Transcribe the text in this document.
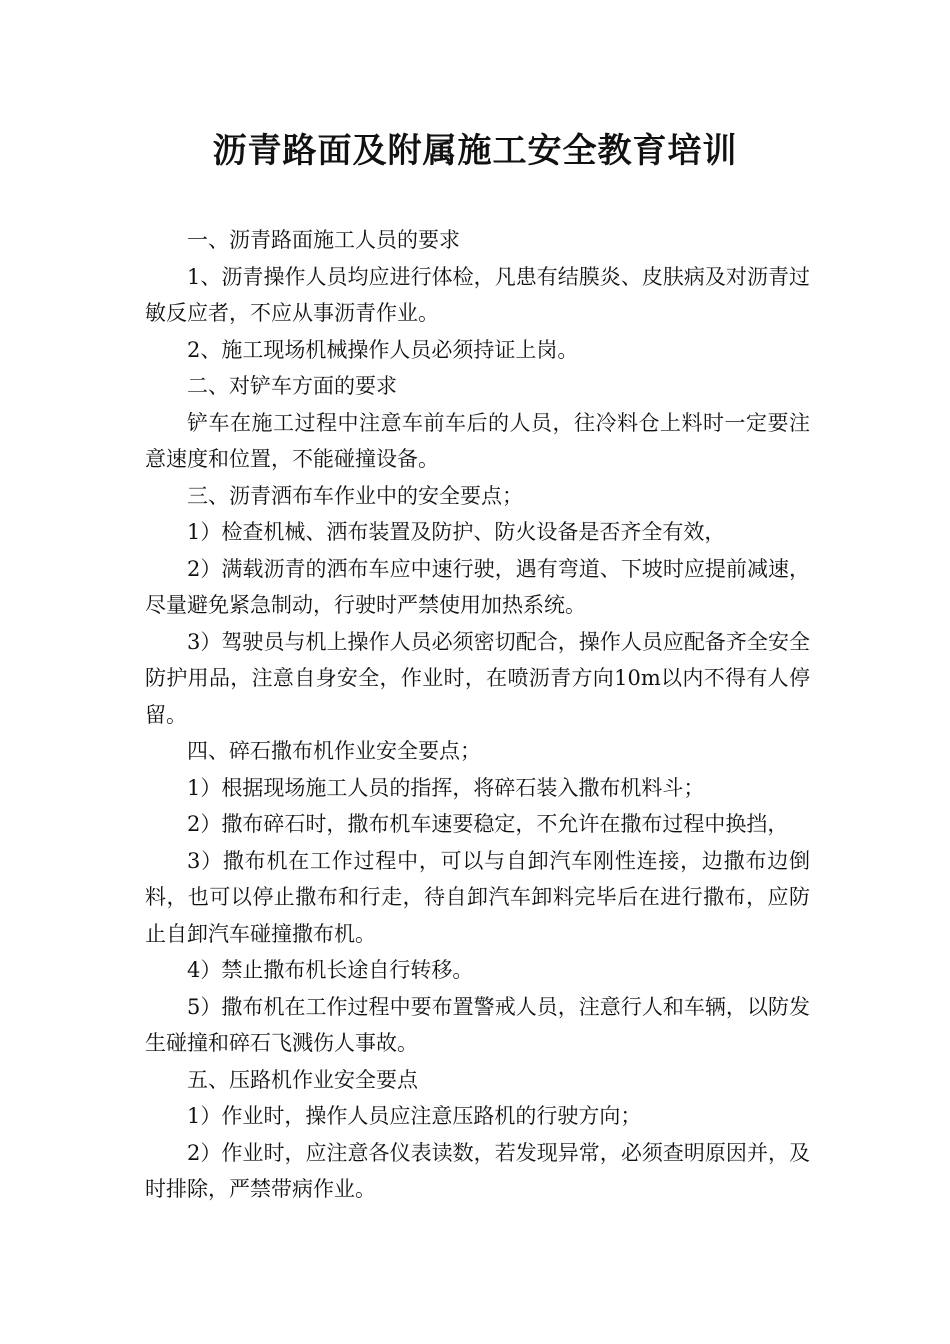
沥青路面及附属施工安全教育培训

一、沥青路面施工人员的要求

1、沥青操作人员均应进行体检，凡患有结膜炎、皮肤病及对沥青过敏反应者，不应从事沥青作业。

2、施工现场机械操作人员必须持证上岗。

二、对铲车方面的要求

铲车在施工过程中注意车前车后的人员，往冷料仓上料时一定要注意速度和位置，不能碰撞设备。

三、沥青洒布车作业中的安全要点；

1）检查机械、洒布装置及防护、防火设备是否齐全有效，

2）满载沥青的洒布车应中速行驶，遇有弯道、下坡时应提前减速，尽量避免紧急制动，行驶时严禁使用加热系统。

3）驾驶员与机上操作人员必须密切配合，操作人员应配备齐全安全防护用品，注意自身安全，作业时，在喷沥青方向10m以内不得有人停留。

四、碎石撒布机作业安全要点；

1）根据现场施工人员的指挥，将碎石装入撒布机料斗；

2）撒布碎石时，撒布机车速要稳定，不允许在撒布过程中换挡，

3）撒布机在工作过程中，可以与自卸汽车刚性连接，边撒布边倒料，也可以停止撒布和行走，待自卸汽车卸料完毕后在进行撒布，应防止自卸汽车碰撞撒布机。

4）禁止撒布机长途自行转移。

5）撒布机在工作过程中要布置警戒人员，注意行人和车辆，以防发生碰撞和碎石飞溅伤人事故。

五、压路机作业安全要点

1）作业时，操作人员应注意压路机的行驶方向；

2）作业时，应注意各仪表读数，若发现异常，必须查明原因并，及时排除，严禁带病作业。
